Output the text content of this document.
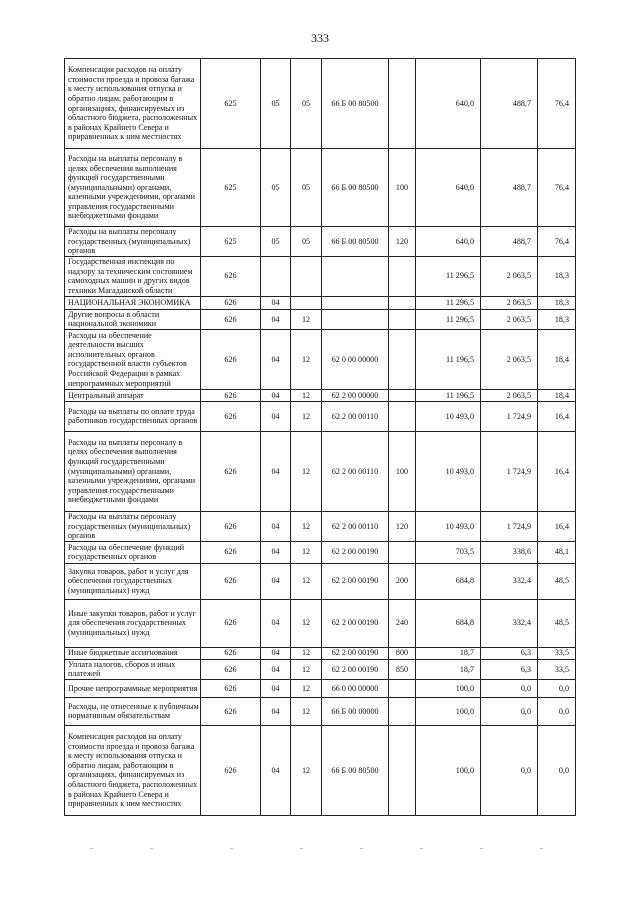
333
Компенсация расходов на оплату стоимости проезда и провоза багажа к месту использования отпуска и обратно лицам, работающим в организациях, финансируемых из областного бюджета, расположенных в районах Крайнего Севера и приравненных к ним местностях	625	05	05	66 Б 00 80500		640,0	488,7	76,4
Расходы на выплаты персоналу в целях обеспечения выполнения функций государственными (муниципальными) органами, казенными учреждениями, органами управления государственными внебюджетными фондами	625	05	05	66 Б 00 80500	100	640,0	488,7	76,4
Расходы на выплаты персоналу государственных (муниципальных) органов	625	05	05	66 Б 00 80500	120	640,0	488,7	76,4
Государственная инспекция по надзору за техническим состоянием самоходных машин и других видов техники Магаданской области	626					11 296,5	2 063,5	18,3
НАЦИОНАЛЬНАЯ ЭКОНОМИКА	626	04				11 296,5	2 063,5	18,3
Другие вопросы в области национальной экономики	626	04	12			11 296,5	2 063,5	18,3
Расходы на обеспечение деятельности высших исполнительных органов государственной власти субъектов Российской Федерации в рамках непрограммных мероприятий	626	04	12	62 0 00 00000		11 196,5	2 063,5	18,4
Центральный аппарат	626	04	12	62 2 00 00000		11 196,5	2 063,5	18,4
Расходы на выплаты по оплате труда работников государственных органов	626	04	12	62 2 00 00110		10 493,0	1 724,9	16,4
Расходы на выплаты персоналу в целях обеспечения выполнения функций государственными (муниципальными) органами, казенными учреждениями, органами управления государственными внебюджетными фондами	626	04	12	62 2 00 00110	100	10 493,0	1 724,9	16,4
Расходы на выплаты персоналу государственных (муниципальных) органов	626	04	12	62 2 00 00110	120	10 493,0	1 724,9	16,4
Расходы на обеспечение функций государственных органов	626	04	12	62 2 00 00190		703,5	338,6	48,1
Закупка товаров, работ и услуг для обеспечения государственных (муниципальных) нужд	626	04	12	62 2 00 00190	200	684,8	332,4	48,5
Иные закупки товаров, работ и услуг для обеспечения государственных (муниципальных) нужд	626	04	12	62 2 00 00190	240	684,8	332,4	48,5
Иные бюджетные ассигнования	626	04	12	62 2 00 00190	800	18,7	6,3	33,5
Уплата налогов, сборов и иных платежей	626	04	12	62 2 00 00190	850	18,7	6,3	33,5
Прочие непрограммные мероприятия	626	04	12	66 0 00 00000		100,0	0,0	0,0
Расходы, не отнесенные к публичным нормативным обязательствам	626	04	12	66 Б 00 00000		100,0	0,0	0,0
Компенсация расходов на оплату стоимости проезда и провоза багажа к месту использования отпуска и обратно лицам, работающим в организациях, финансируемых из областного бюджета, расположенных в районах Крайнего Севера и приравненных к ним местностях	626	04	12	66 Б 00 80500		100,0	0,0	0,0
